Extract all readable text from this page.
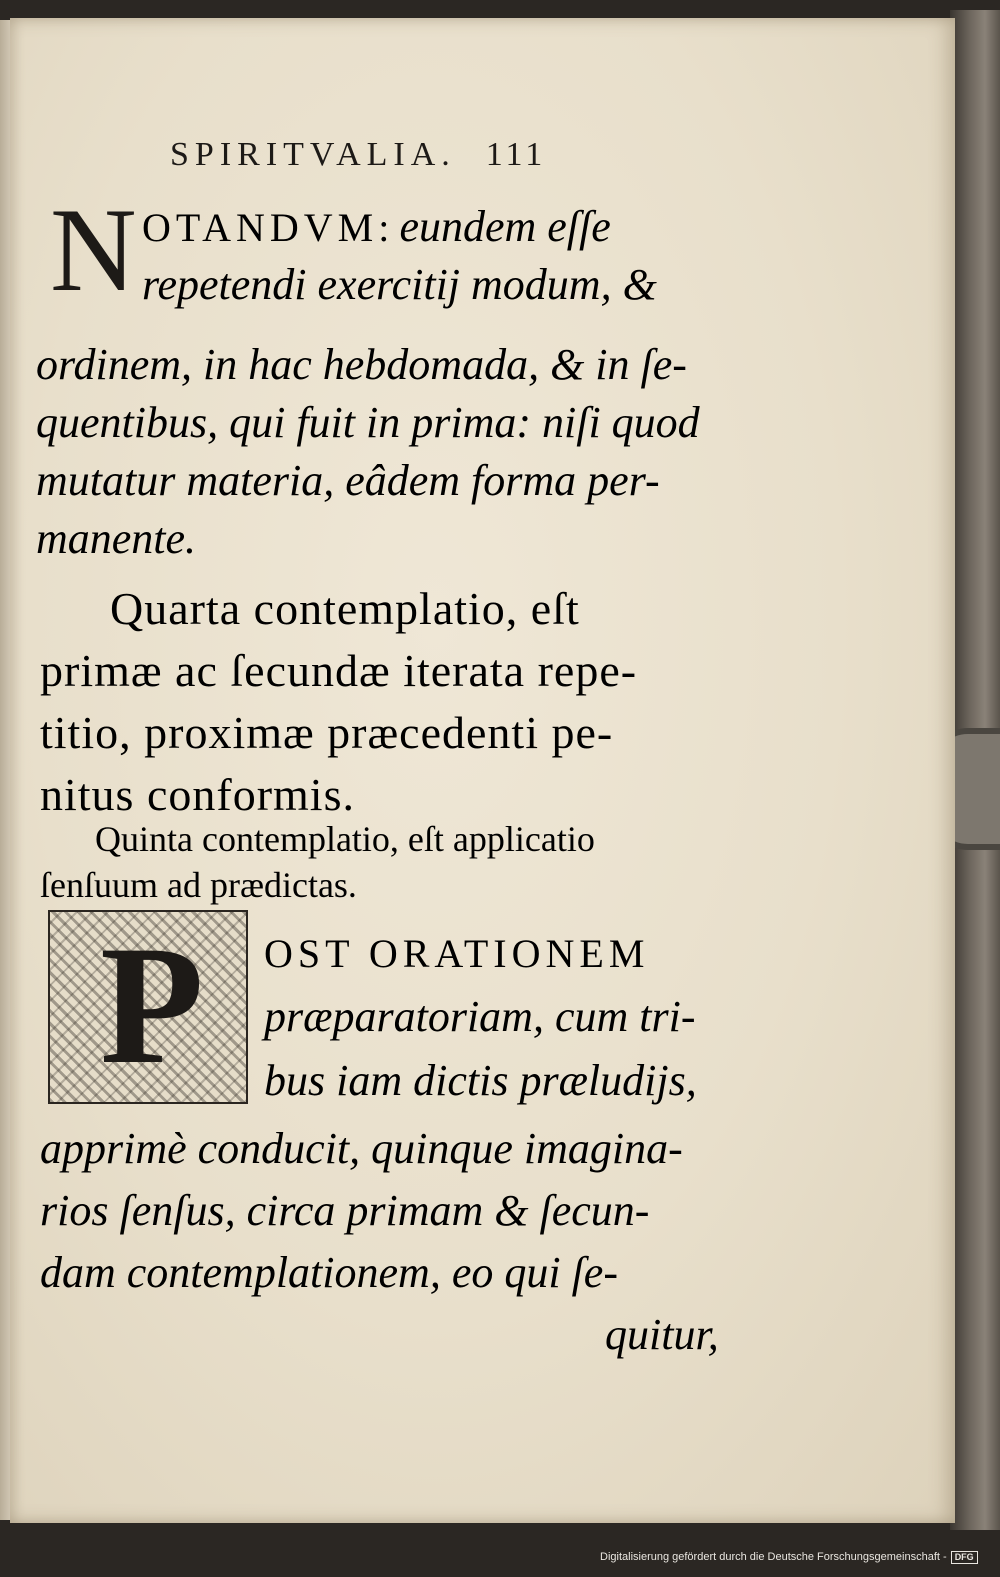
SPIRITVALIA. 111
N OTANDVM: eundem eſſe
repetendi exercitij modum, &
ordinem, in hac hebdomada, & in ſe-
quentibus, qui fuit in prima: niſi quod
mutatur materia, eâdem forma per-
manente.
Quarta contemplatio, eſt
primæ ac ſecundæ iterata repe-
titio, proximæ præcedenti pe-
nitus conformis.
Quinta contemplatio, eſt applicatio
ſenſuum ad prædictas.
P OST ORATIONEM
præparatoriam, cum tri-
bus iam dictis præludijs,
apprimè conducit, quinque imagina-
rios ſenſus, circa primam & ſecun-
dam contemplationem, eo qui ſe-
quitur,
Digitalisierung gefördert durch die Deutsche Forschungsgemeinschaft - DFG
